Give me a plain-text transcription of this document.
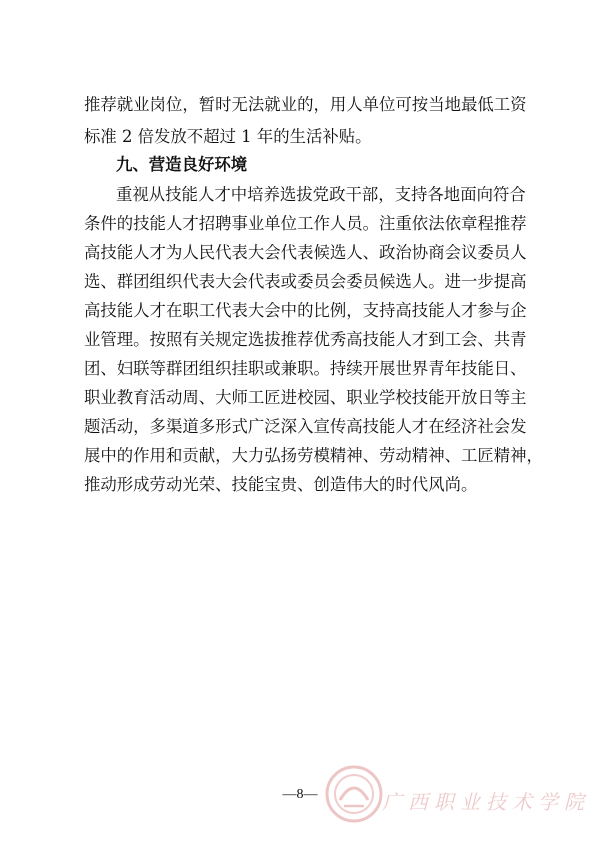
推荐就业岗位，暂时无法就业的，用人单位可按当地最低工资
标准 2 倍发放不超过 1 年的生活补贴。
九、营造良好环境
重视从技能人才中培养选拔党政干部，支持各地面向符合
条件的技能人才招聘事业单位工作人员。注重依法依章程推荐
高技能人才为人民代表大会代表候选人、政治协商会议委员人
选、群团组织代表大会代表或委员会委员候选人。进一步提高
高技能人才在职工代表大会中的比例，支持高技能人才参与企
业管理。按照有关规定选拔推荐优秀高技能人才到工会、共青
团、妇联等群团组织挂职或兼职。持续开展世界青年技能日、
职业教育活动周、大师工匠进校园、职业学校技能开放日等主
题活动，多渠道多形式广泛深入宣传高技能人才在经济社会发
展中的作用和贡献，大力弘扬劳模精神、劳动精神、工匠精神，
推动形成劳动光荣、技能宝贵、创造伟大的时代风尚。
—8—	广西职业技术学院
